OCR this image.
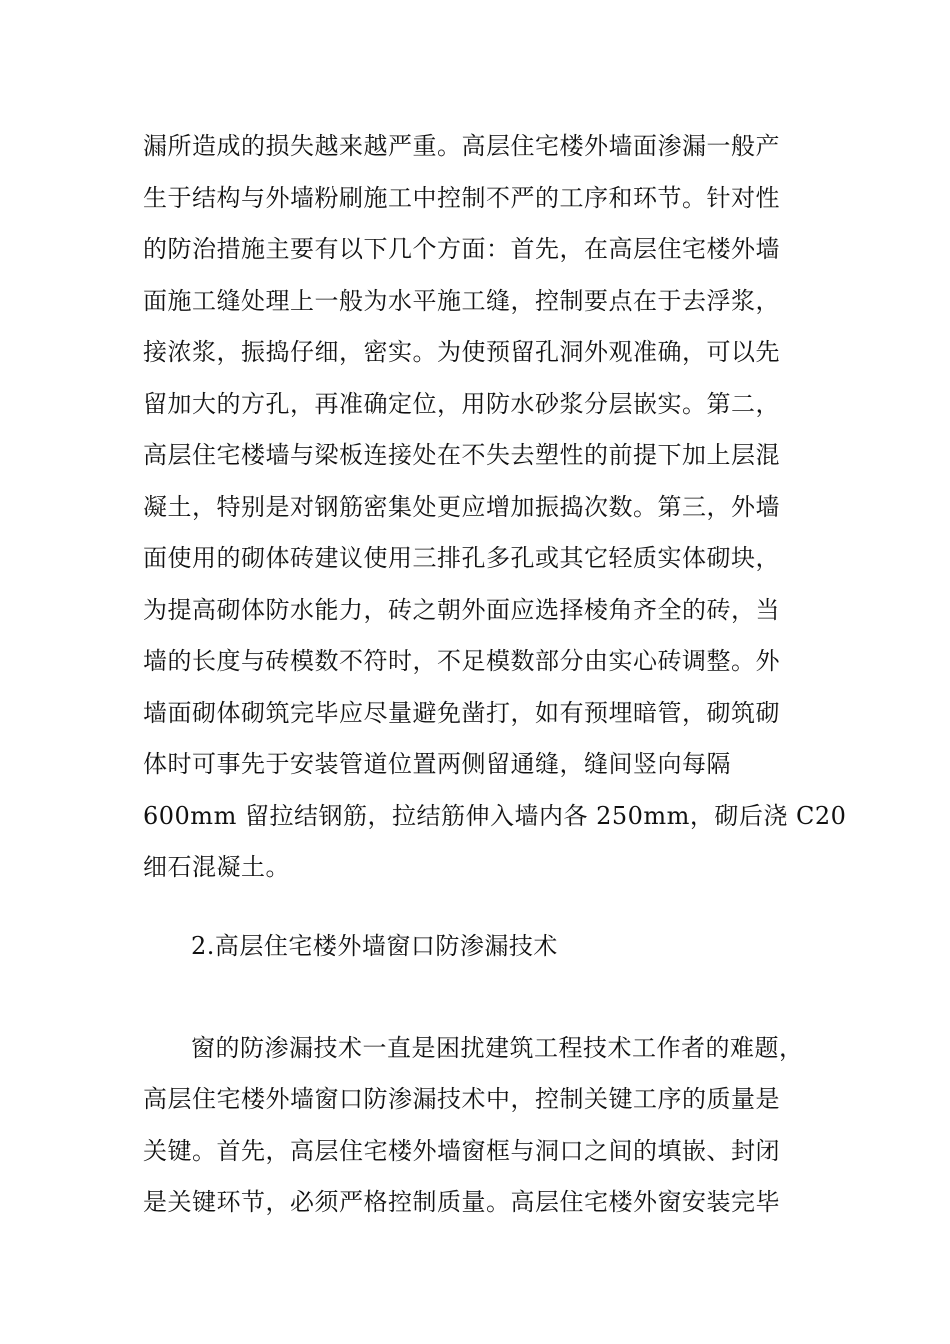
漏所造成的损失越来越严重。高层住宅楼外墙面渗漏一般产
生于结构与外墙粉刷施工中控制不严的工序和环节。针对性
的防治措施主要有以下几个方面：首先，在高层住宅楼外墙
面施工缝处理上一般为水平施工缝，控制要点在于去浮浆，
接浓浆，振捣仔细，密实。为使预留孔洞外观准确，可以先
留加大的方孔，再准确定位，用防水砂浆分层嵌实。第二，
高层住宅楼墙与梁板连接处在不失去塑性的前提下加上层混
凝土，特别是对钢筋密集处更应增加振捣次数。第三，外墙
面使用的砌体砖建议使用三排孔多孔或其它轻质实体砌块，
为提高砌体防水能力，砖之朝外面应选择棱角齐全的砖，当
墙的长度与砖模数不符时，不足模数部分由实心砖调整。外
墙面砌体砌筑完毕应尽量避免凿打，如有预埋暗管，砌筑砌
体时可事先于安装管道位置两侧留通缝，缝间竖向每隔
600mm 留拉结钢筋，拉结筋伸入墙内各 250mm，砌后浇 C20
细石混凝土。
2.高层住宅楼外墙窗口防渗漏技术
窗的防渗漏技术一直是困扰建筑工程技术工作者的难题，
高层住宅楼外墙窗口防渗漏技术中，控制关键工序的质量是
关键。首先，高层住宅楼外墙窗框与洞口之间的填嵌、封闭
是关键环节，必须严格控制质量。高层住宅楼外窗安装完毕
